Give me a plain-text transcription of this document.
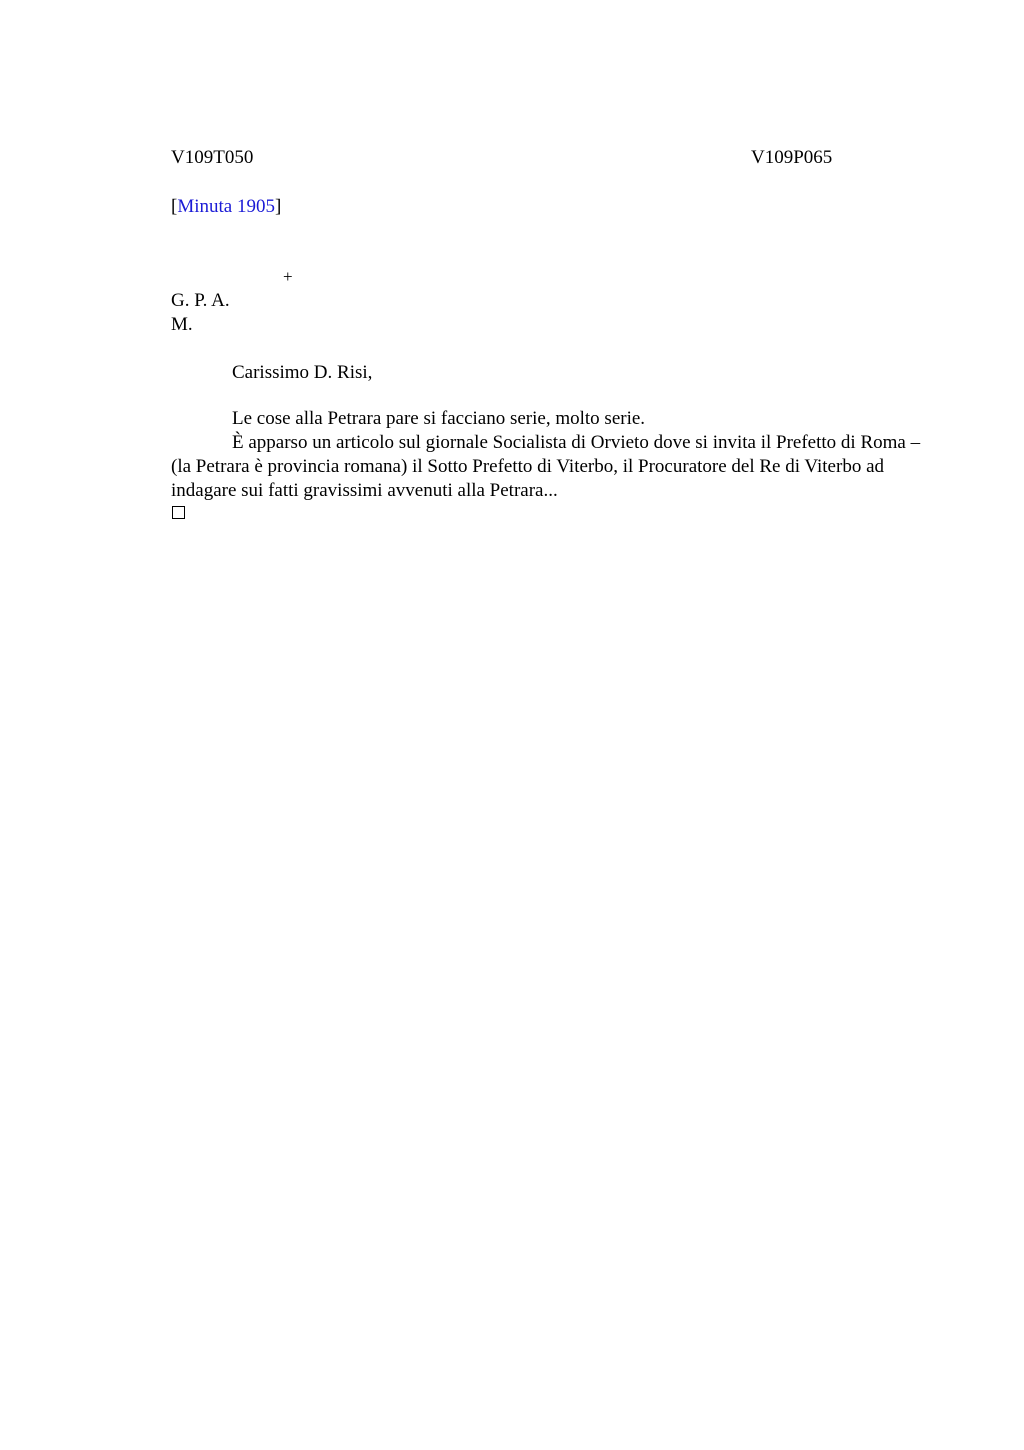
V109T050	V109P065
[Minuta 1905]
+
G. P. A.
M.
Carissimo D. Risi,

Le cose alla Petrara pare si facciano serie, molto serie.

È apparso un articolo sul giornale Socialista di Orvieto dove si invita il Prefetto di Roma – (la Petrara è provincia romana) il Sotto Prefetto di Viterbo, il Procuratore del Re di Viterbo ad indagare sui fatti gravissimi avvenuti alla Petrara...
